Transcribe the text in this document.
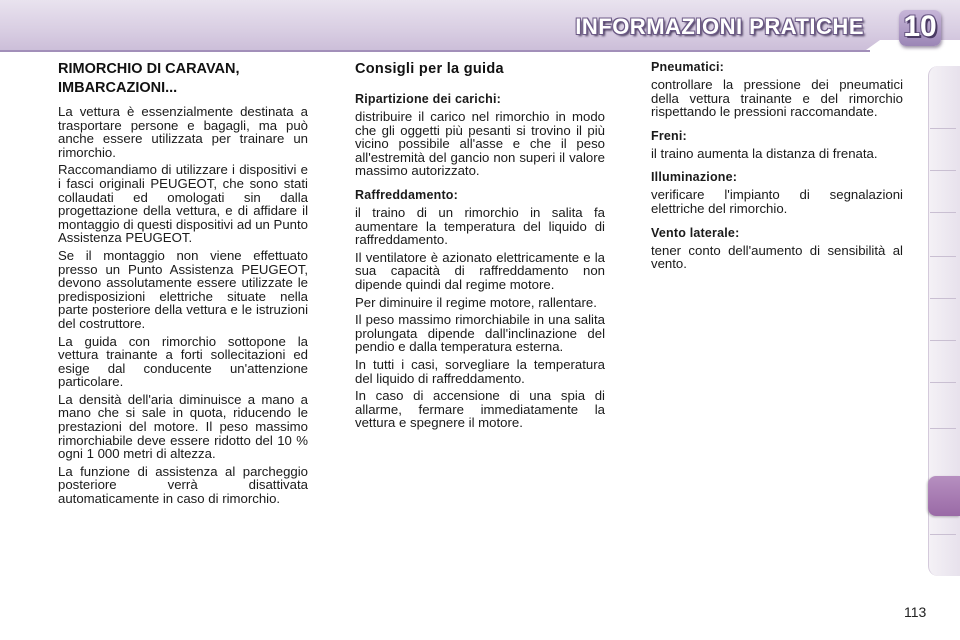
INFORMAZIONI PRATICHE 10
RIMORCHIO DI CARAVAN, IMBARCAZIONI...

La vettura è essenzialmente destinata a trasportare persone e bagagli, ma può anche essere utilizzata per trainare un rimorchio.

Raccomandiamo di utilizzare i dispositivi e i fasci originali PEUGEOT, che sono stati collaudati ed omologati sin dalla progettazione della vettura, e di affidare il montaggio di questi dispositivi ad un Punto Assistenza PEUGEOT.

Se il montaggio non viene effettuato presso un Punto Assistenza PEUGEOT, devono assolutamente essere utilizzate le predisposizioni elettriche situate nella parte posteriore della vettura e le istruzioni del costruttore.

La guida con rimorchio sottopone la vettura trainante a forti sollecitazioni ed esige dal conducente un'attenzione particolare.

La densità dell'aria diminuisce a mano a mano che si sale in quota, riducendo le prestazioni del motore. Il peso massimo rimorchiabile deve essere ridotto del 10 % ogni 1 000 metri di altezza.

La funzione di assistenza al parcheggio posteriore verrà disattivata automaticamente in caso di rimorchio.

Consigli per la guida
Ripartizione dei carichi:

distribuire il carico nel rimorchio in modo che gli oggetti più pesanti si trovino il più vicino possibile all'asse e che il peso all'estremità del gancio non superi il valore massimo autorizzato.

Raffreddamento:

il traino di un rimorchio in salita fa aumentare la temperatura del liquido di raffreddamento.

Il ventilatore è azionato elettricamente e la sua capacità di raffreddamento non dipende quindi dal regime motore.

Per diminuire il regime motore, rallentare.

Il peso massimo rimorchiabile in una salita prolungata dipende dall'inclinazione del pendio e dalla temperatura esterna.

In tutti i casi, sorvegliare la temperatura del liquido di raffreddamento.

In caso di accensione di una spia di allarme, fermare immediatamente la vettura e spegnere il motore.

Pneumatici:

controllare la pressione dei pneumatici della vettura trainante e del rimorchio rispettando le pressioni raccomandate.

Freni:

il traino aumenta la distanza di frenata.

Illuminazione:

verificare l'impianto di segnalazioni elettriche del rimorchio.

Vento laterale:

tener conto dell'aumento di sensibilità al vento.

113
